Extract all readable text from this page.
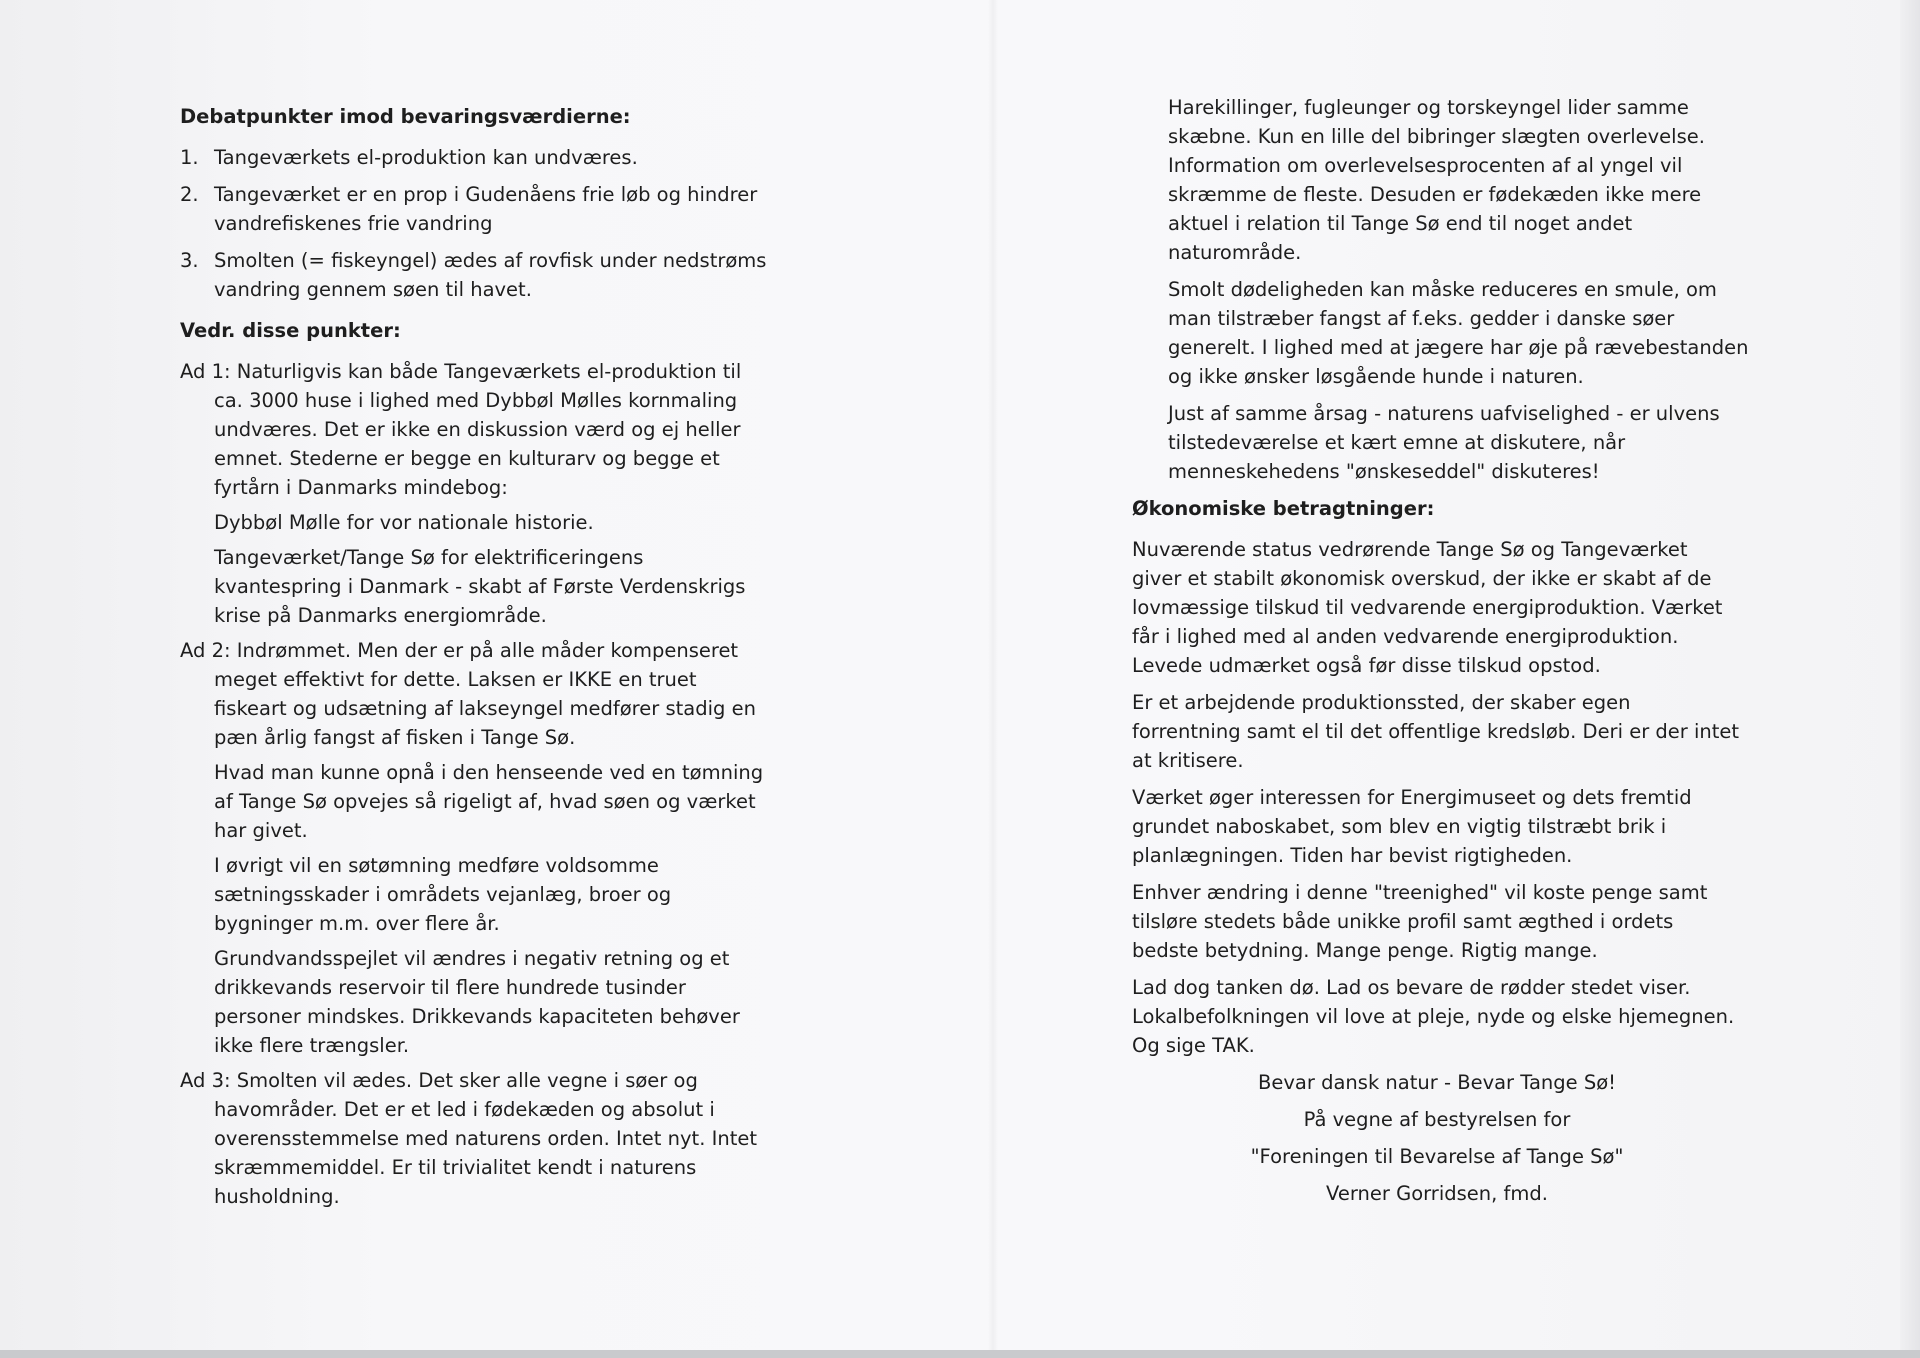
Debatpunkter imod bevaringsværdierne:
1. Tangeværkets el-produktion kan undværes.
2. Tangeværket er en prop i Gudenåens frie løb og hindrer vandrefiskenes frie vandring
3. Smolten (= fiskeyngel) ædes af rovfisk under nedstrøms vandring gennem søen til havet.
Vedr. disse punkter:

Ad 1: Naturligvis kan både Tangeværkets el-produktion til ca. 3000 huse i lighed med Dybbøl Mølles kornmaling undværes. Det er ikke en diskussion værd og ej heller emnet. Stederne er begge en kulturarv og begge et fyrtårn i Danmarks mindebog:

Dybbøl Mølle for vor nationale historie.

Tangeværket/Tange Sø for elektrificeringens kvantespring i Danmark - skabt af Første Verdenskrigs krise på Danmarks energiområde.

Ad 2: Indrømmet. Men der er på alle måder kompenseret meget effektivt for dette. Laksen er IKKE en truet fiskeart og udsætning af lakseyngel medfører stadig en pæn årlig fangst af fisken i Tange Sø.

Hvad man kunne opnå i den henseende ved en tømning af Tange Sø opvejes så rigeligt af, hvad søen og værket har givet.

I øvrigt vil en søtømning medføre voldsomme sætningsskader i områdets vejanlæg, broer og bygninger m.m. over flere år.

Grundvandsspejlet vil ændres i negativ retning og et drikkevands reservoir til flere hundrede tusinder personer mindskes. Drikkevands kapaciteten behøver ikke flere trængsler.

Ad 3: Smolten vil ædes. Det sker alle vegne i søer og havområder. Det er et led i fødekæden og absolut i overensstemmelse med naturens orden. Intet nyt. Intet skræmmemiddel. Er til trivialitet kendt i naturens husholdning.

Harekillinger, fugleunger og torskeyngel lider samme skæbne. Kun en lille del bibringer slægten overlevelse. Information om overlevelsesprocenten af al yngel vil skræmme de fleste. Desuden er fødekæden ikke mere aktuel i relation til Tange Sø end til noget andet naturområde.

Smolt dødeligheden kan måske reduceres en smule, om man tilstræber fangst af f.eks. gedder i danske søer generelt. I lighed med at jægere har øje på rævebestanden og ikke ønsker løsgående hunde i naturen.

Just af samme årsag - naturens uafviselighed - er ulvens tilstedeværelse et kært emne at diskutere, når menneskehedens "ønskeseddel" diskuteres!

Økonomiske betragtninger:

Nuværende status vedrørende Tange Sø og Tangeværket giver et stabilt økonomisk overskud, der ikke er skabt af de lovmæssige tilskud til vedvarende energiproduktion. Værket får i lighed med al anden vedvarende energiproduktion. Levede udmærket også før disse tilskud opstod.

Er et arbejdende produktionssted, der skaber egen forrentning samt el til det offentlige kredsløb. Deri er der intet at kritisere.

Værket øger interessen for Energimuseet og dets fremtid grundet naboskabet, som blev en vigtig tilstræbt brik i planlægningen. Tiden har bevist rigtigheden.

Enhver ændring i denne "treenighed" vil koste penge samt tilsløre stedets både unikke profil samt ægthed i ordets bedste betydning. Mange penge. Rigtig mange.

Lad dog tanken dø. Lad os bevare de rødder stedet viser. Lokalbefolkningen vil love at pleje, nyde og elske hjemegnen. Og sige TAK.

Bevar dansk natur - Bevar Tange Sø!
På vegne af bestyrelsen for
"Foreningen til Bevarelse af Tange Sø"
Verner Gorridsen, fmd.
